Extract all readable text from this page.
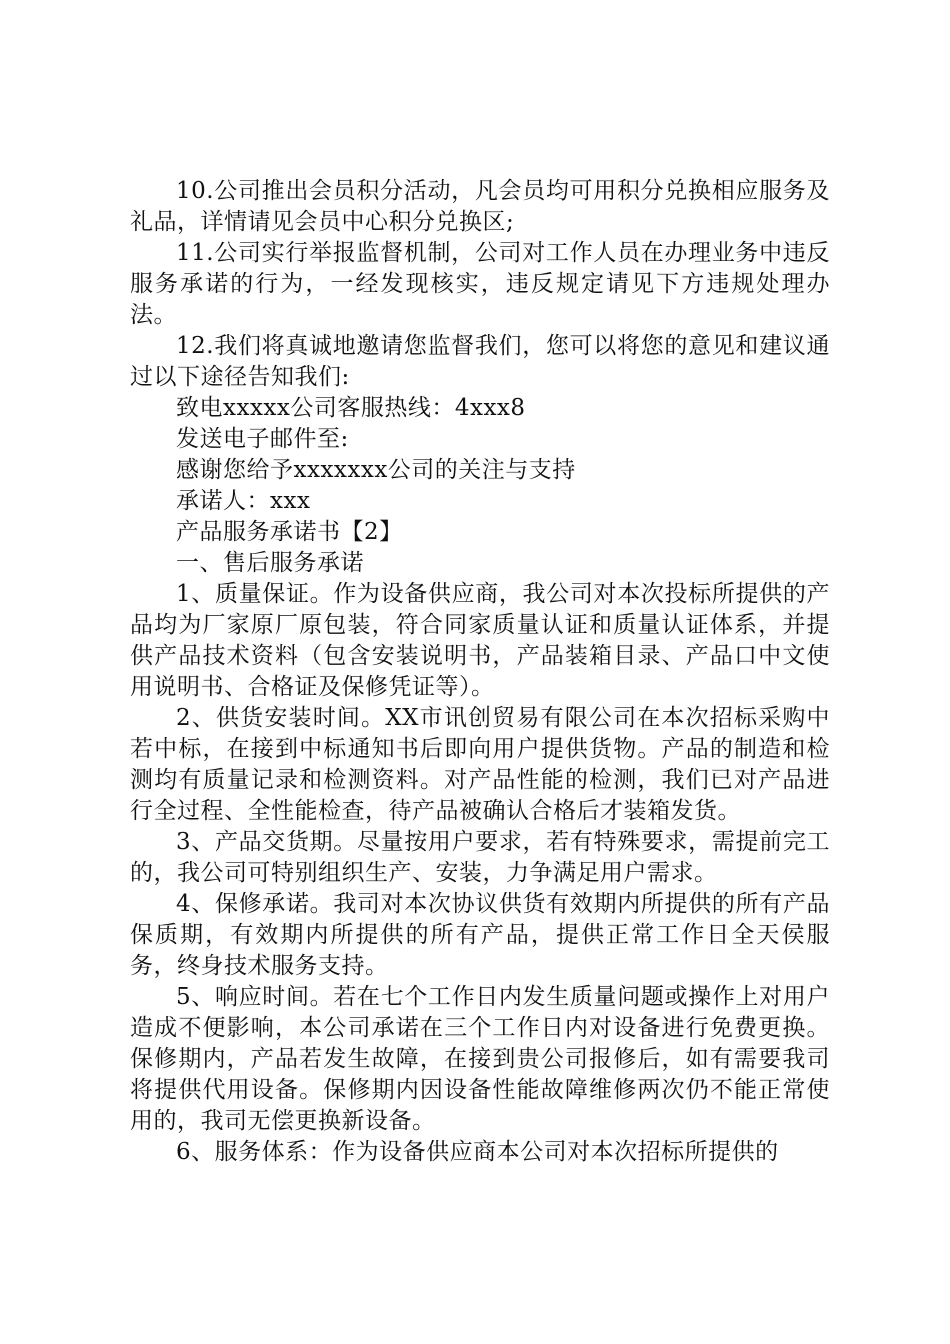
10.公司推出会员积分活动，凡会员均可用积分兑换相应服务及礼品，详情请见会员中心积分兑换区;

11.公司实行举报监督机制，公司对工作人员在办理业务中违反服务承诺的行为，一经发现核实，违反规定请见下方违规处理办法。

12.我们将真诚地邀请您监督我们，您可以将您的意见和建议通过以下途径告知我们:

致电xxxxx公司客服热线：4xxx8

发送电子邮件至:

感谢您给予xxxxxxx公司的关注与支持

承诺人：xxx

产品服务承诺书【2】

一、售后服务承诺

1、质量保证。作为设备供应商，我公司对本次投标所提供的产品均为厂家原厂原包装，符合同家质量认证和质量认证体系，并提供产品技术资料（包含安装说明书，产品装箱目录、产品口中文使用说明书、合格证及保修凭证等）。

2、供货安装时间。XX市讯创贸易有限公司在本次招标采购中若中标，在接到中标通知书后即向用户提供货物。产品的制造和检测均有质量记录和检测资料。对产品性能的检测，我们已对产品进行全过程、全性能检查，待产品被确认合格后才装箱发货。

3、产品交货期。尽量按用户要求，若有特殊要求，需提前完工的，我公司可特别组织生产、安装，力争满足用户需求。

4、保修承诺。我司对本次协议供货有效期内所提供的所有产品保质期，有效期内所提供的所有产品，提供正常工作日全天侯服务，终身技术服务支持。

5、响应时间。若在七个工作日内发生质量问题或操作上对用户造成不便影响，本公司承诺在三个工作日内对设备进行免费更换。保修期内，产品若发生故障，在接到贵公司报修后，如有需要我司将提供代用设备。保修期内因设备性能故障维修两次仍不能正常使用的，我司无偿更换新设备。

6、服务体系：作为设备供应商本公司对本次招标所提供的
